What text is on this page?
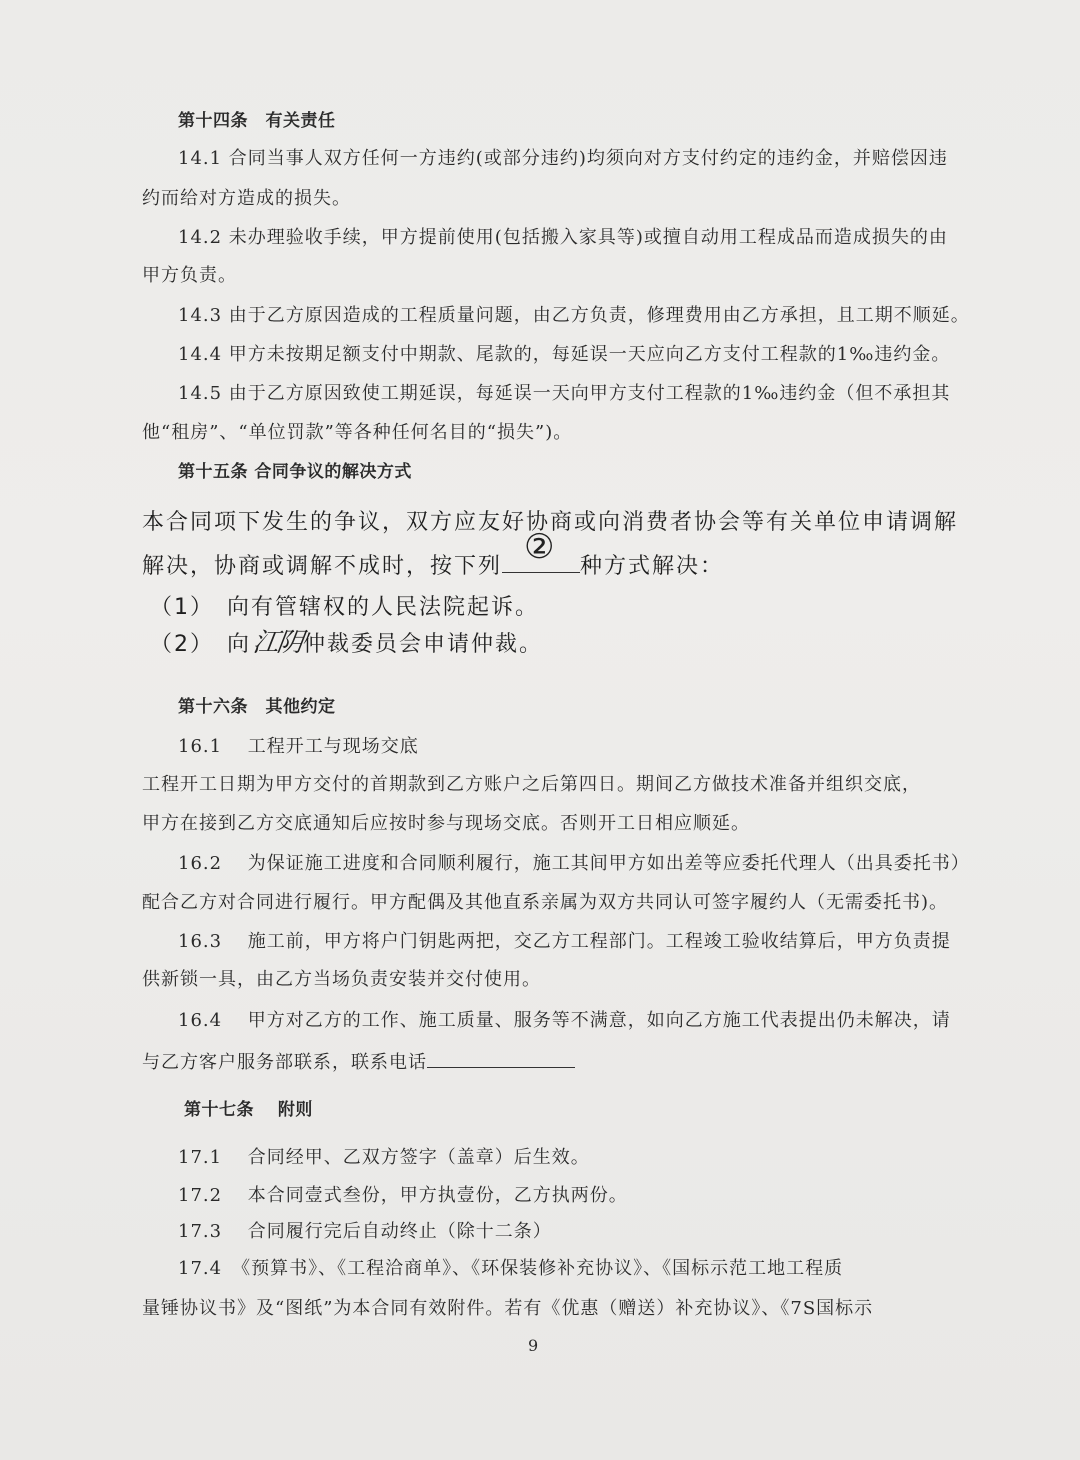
第十四条　有关责任
14.1 合同当事人双方任何一方违约(或部分违约)均须向对方支付约定的违约金，并赔偿因违
约而给对方造成的损失。
14.2 未办理验收手续，甲方提前使用(包括搬入家具等)或擅自动用工程成品而造成损失的由
甲方负责。
14.3 由于乙方原因造成的工程质量问题，由乙方负责，修理费用由乙方承担，且工期不顺延。
14.4 甲方未按期足额支付中期款、尾款的，每延误一天应向乙方支付工程款的1‰违约金。
14.5 由于乙方原因致使工期延误，每延误一天向甲方支付工程款的1‰违约金（但不承担其
他“租房”、“单位罚款”等各种任何名目的“损失”)。
第十五条 合同争议的解决方式
本合同项下发生的争议，双方应友好协商或向消费者协会等有关单位申请调解
解决，协商或调解不成时，按下列 ② 种方式解决：
（1）　向有管辖权的人民法院起诉。
（2）　向 江阴 仲裁委员会申请仲裁。
第十六条　其他约定
16.1　 工程开工与现场交底
工程开工日期为甲方交付的首期款到乙方账户之后第四日。期间乙方做技术准备并组织交底，
甲方在接到乙方交底通知后应按时参与现场交底。否则开工日相应顺延。
16.2　 为保证施工进度和合同顺利履行，施工其间甲方如出差等应委托代理人（出具委托书）
配合乙方对合同进行履行。甲方配偶及其他直系亲属为双方共同认可签字履约人（无需委托书)。
16.3　 施工前，甲方将户门钥匙两把，交乙方工程部门。工程竣工验收结算后，甲方负责提
供新锁一具，由乙方当场负责安装并交付使用。
16.4　 甲方对乙方的工作、施工质量、服务等不满意，如向乙方施工代表提出仍未解决，请
与乙方客户服务部联系，联系电话
第十七条　 附则
17.1　 合同经甲、乙双方签字（盖章）后生效。
17.2　 本合同壹式叁份，甲方执壹份，乙方执两份。
17.3　 合同履行完后自动终止（除十二条）
17.4　《预算书》、《工程洽商单》、《环保装修补充协议》、《国标示范工地工程质
量锤协议书》及“图纸”为本合同有效附件。若有《优惠（赠送）补充协议》、《7S国标示
9
